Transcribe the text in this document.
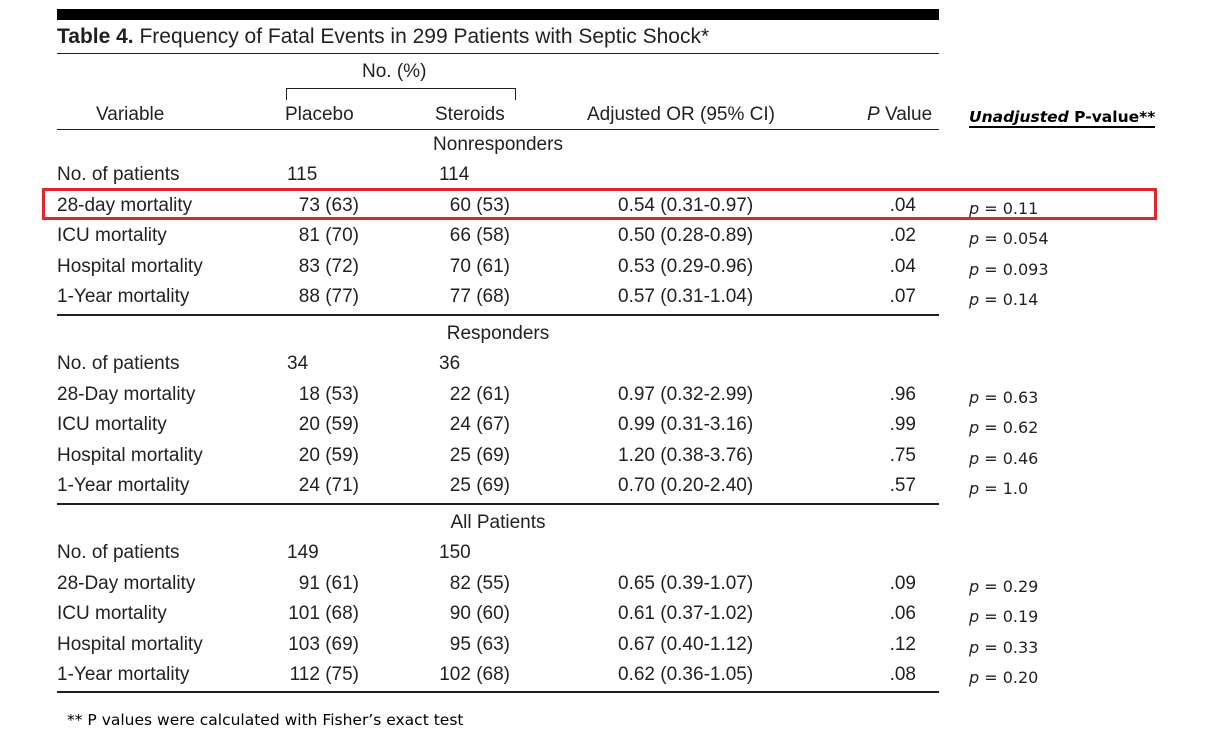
Table 4. Frequency of Fatal Events in 299 Patients with Septic Shock*
No. (%)
Variable	Placebo	Steroids	Adjusted OR (95% CI)	P Value Unadjusted P-value**
Nonresponders
No. of patients	115	114
28-day mortality	73 (63)	60 (53)	0.54 (0.31-0.97)	.04	p = 0.11
ICU mortality	81 (70)	66 (58)	0.50 (0.28-0.89)	.02	p = 0.054
Hospital mortality	83 (72)	70 (61)	0.53 (0.29-0.96)	.04	p = 0.093
1-Year mortality	88 (77)	77 (68)	0.57 (0.31-1.04)	.07	p = 0.14
Responders
No. of patients	34	36
28-Day mortality	18 (53)	22 (61)	0.97 (0.32-2.99)	.96	p = 0.63
ICU mortality	20 (59)	24 (67)	0.99 (0.31-3.16)	.99	p = 0.62
Hospital mortality	20 (59)	25 (69)	1.20 (0.38-3.76)	.75	p = 0.46
1-Year mortality	24 (71)	25 (69)	0.70 (0.20-2.40)	.57	p = 1.0
All Patients
No. of patients	149	150
28-Day mortality	91 (61)	82 (55)	0.65 (0.39-1.07)	.09	p = 0.29
ICU mortality	101 (68)	90 (60)	0.61 (0.37-1.02)	.06	p = 0.19
Hospital mortality	103 (69)	95 (63)	0.67 (0.40-1.12)	.12	p = 0.33
1-Year mortality	112 (75)	102 (68)	0.62 (0.36-1.05)	.08	p = 0.20
** P values were calculated with Fisher’s exact test
